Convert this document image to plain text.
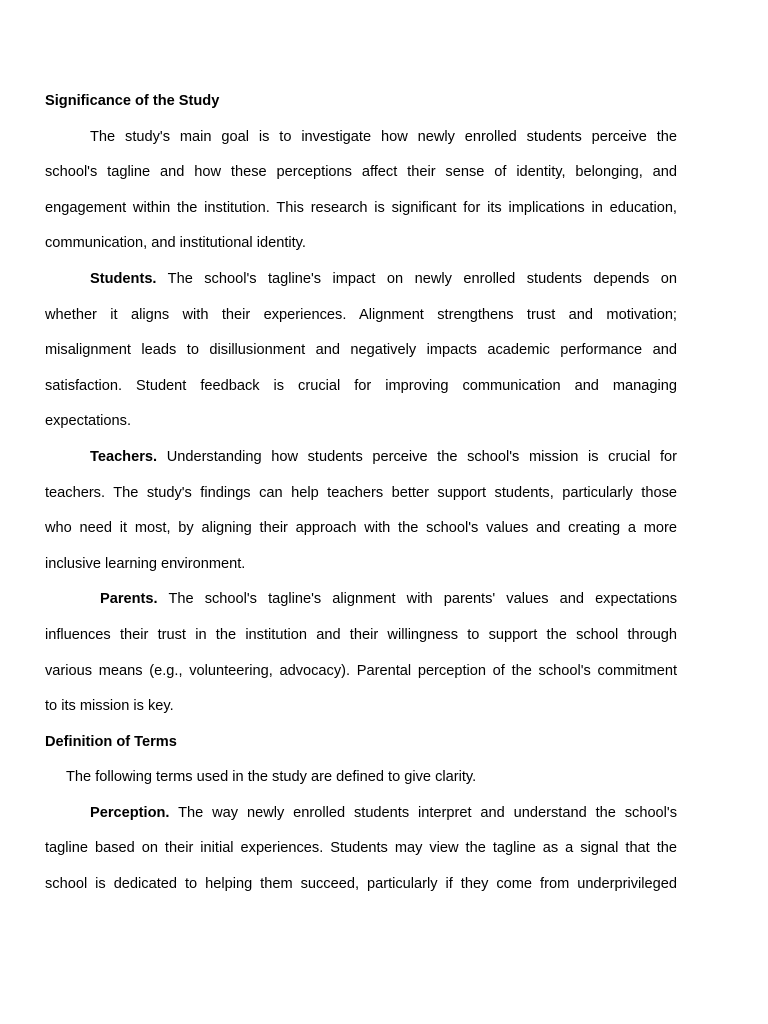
Significance of the Study
The study's main goal is to investigate how newly enrolled students perceive the
school's tagline and how these perceptions affect their sense of identity, belonging, and
engagement within the institution. This research is significant for its implications in education,
communication, and institutional identity.
Students. The school's tagline's impact on newly enrolled students depends on
whether it aligns with their experiences. Alignment strengthens trust and motivation;
misalignment leads to disillusionment and negatively impacts academic performance and
satisfaction. Student feedback is crucial for improving communication and managing
expectations.
Teachers. Understanding how students perceive the school's mission is crucial for
teachers. The study's findings can help teachers better support students, particularly those
who need it most, by aligning their approach with the school's values and creating a more
inclusive learning environment.
Parents. The school's tagline's alignment with parents' values and expectations
influences their trust in the institution and their willingness to support the school through
various means (e.g., volunteering, advocacy). Parental perception of the school's commitment
to its mission is key.
Definition of Terms
The following terms used in the study are defined to give clarity.
Perception. The way newly enrolled students interpret and understand the school's
tagline based on their initial experiences. Students may view the tagline as a signal that the
school is dedicated to helping them succeed, particularly if they come from underprivileged
